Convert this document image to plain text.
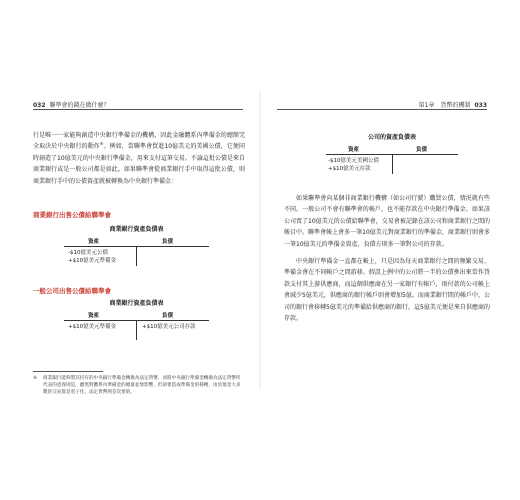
032 聯準會的錢在做什麼？

行是唯一一家能夠創造中央銀行準備金的機構，因此金融體系內準備金的總額完全取決於中央銀行的動作⑥。例如，當聯準會買進10億美元的美國公債，它便同時創造了10億美元的中央銀行準備金，用來支付這筆交易。不論這批公債是來自商業銀行或是一般公司都是如此。如果聯準會從商業銀行手中取得這批公債，則商業銀行手中的公債資產就被轉換為中央銀行準備金：

商業銀行出售公債給聯準會
商業銀行資產負債表
資產	負債
-$10億美元公債
+$10億美元準備金
一般公司出售公債給聯準會
商業銀行資產負債表
資產	負債
+$10億美元準備金	+$10億美元公司存款
⑥ 商業銀行能夠將其持有的中央銀行準備金轉換為法定貨幣，而將中央銀行準備金轉換為法定貨幣所代表的意義則是，雖然對體系內準備金的總量並無影響，但卻會造成準備金的移轉，由於現金大多數的交易都是電子化，法定貨幣則是次要的。
第1章　貨幣的機制 033
公司的資產負債表
資產	負債
-$10億美元美國公債
+$10億美元存款

如果聯準會向某個非商業銀行機構（如公司行號）購買公債，情況就有些不同。一般公司不會有聯準會的帳戶，也不能存款在中央銀行準備金。如果該公司賣了10億美元的公債給聯準會，交易會被記錄在該公司和商業銀行之間的帳目中。聯準會帳上會多一筆10億美元對商業銀行的準備金，商業銀行則會多一筆10億美元的準備金資產，負債方則多一筆對公司的存款。

中央銀行準備金一直都在帳上，只是因為每天商業銀行之間的頻繁交易，準備金會在不同帳戶之間游移。假設上例中的公司將一半的公債參出來當作貨款支付其上游供應商，而這個供應商在另一家銀行有帳戶，則付款的公司帳上會減少5億美元，供應商的銀行帳戶則會增加5億。而商業銀行間的帳戶中，公司的銀行會移轉5億美元的準備給供應商的銀行，這5億美元便是來自供應商的存款。
